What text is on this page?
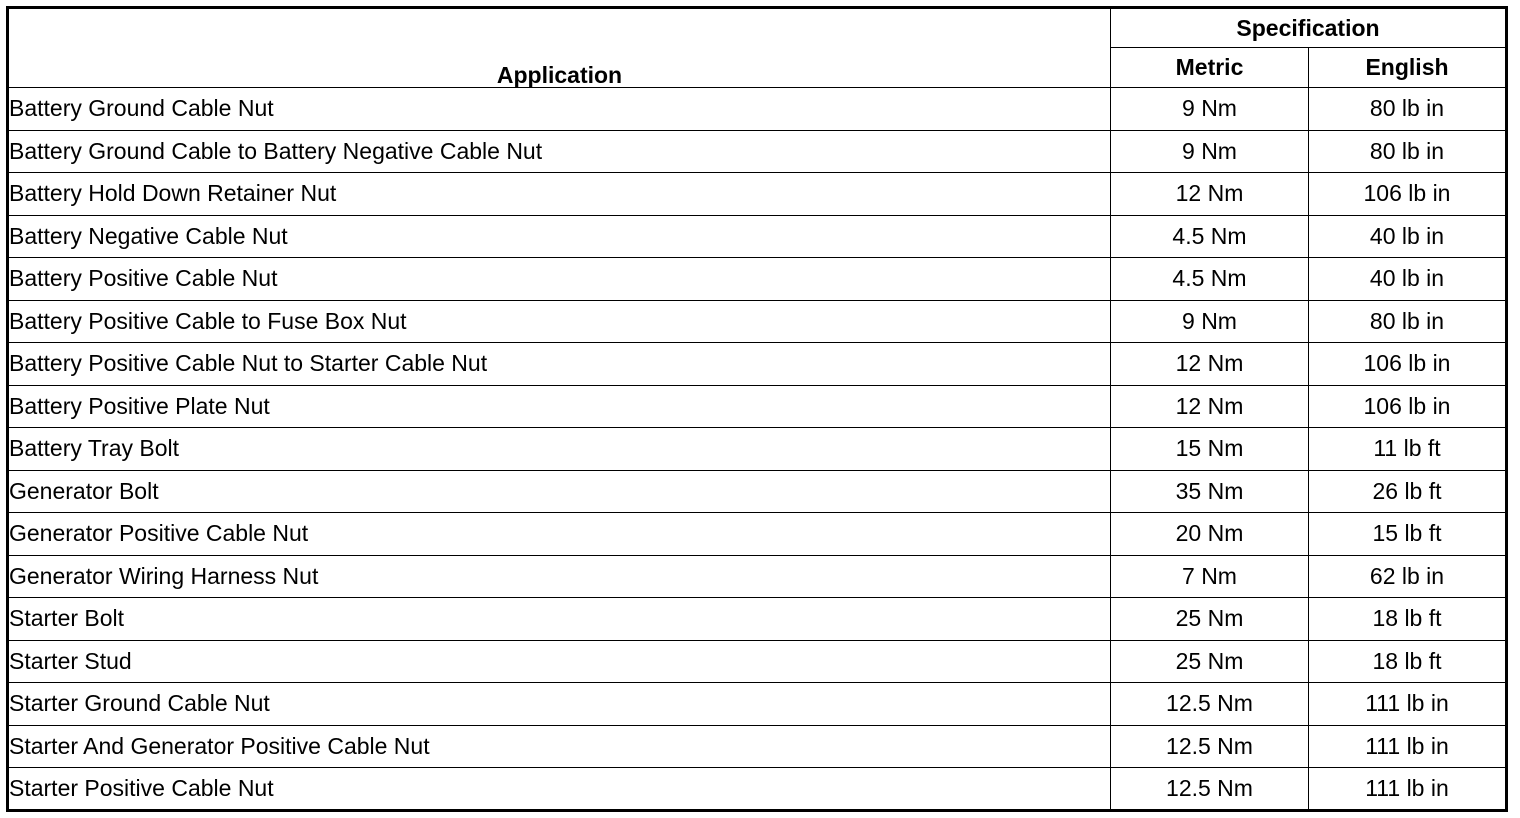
Application	Specification	
	Metric	English
Battery Ground Cable Nut	9 Nm	80 lb in
Battery Ground Cable to Battery Negative Cable Nut	9 Nm	80 lb in
Battery Hold Down Retainer Nut	12 Nm	106 lb in
Battery Negative Cable Nut	4.5 Nm	40 lb in
Battery Positive Cable Nut	4.5 Nm	40 lb in
Battery Positive Cable to Fuse Box Nut	9 Nm	80 lb in
Battery Positive Cable Nut to Starter Cable Nut	12 Nm	106 lb in
Battery Positive Plate Nut	12 Nm	106 lb in
Battery Tray Bolt	15 Nm	11 lb ft
Generator Bolt	35 Nm	26 lb ft
Generator Positive Cable Nut	20 Nm	15 lb ft
Generator Wiring Harness Nut	7 Nm	62 lb in
Starter Bolt	25 Nm	18 lb ft
Starter Stud	25 Nm	18 lb ft
Starter Ground Cable Nut	12.5 Nm	111 lb in
Starter And Generator Positive Cable Nut	12.5 Nm	111 lb in
Starter Positive Cable Nut	12.5 Nm	111 lb in
